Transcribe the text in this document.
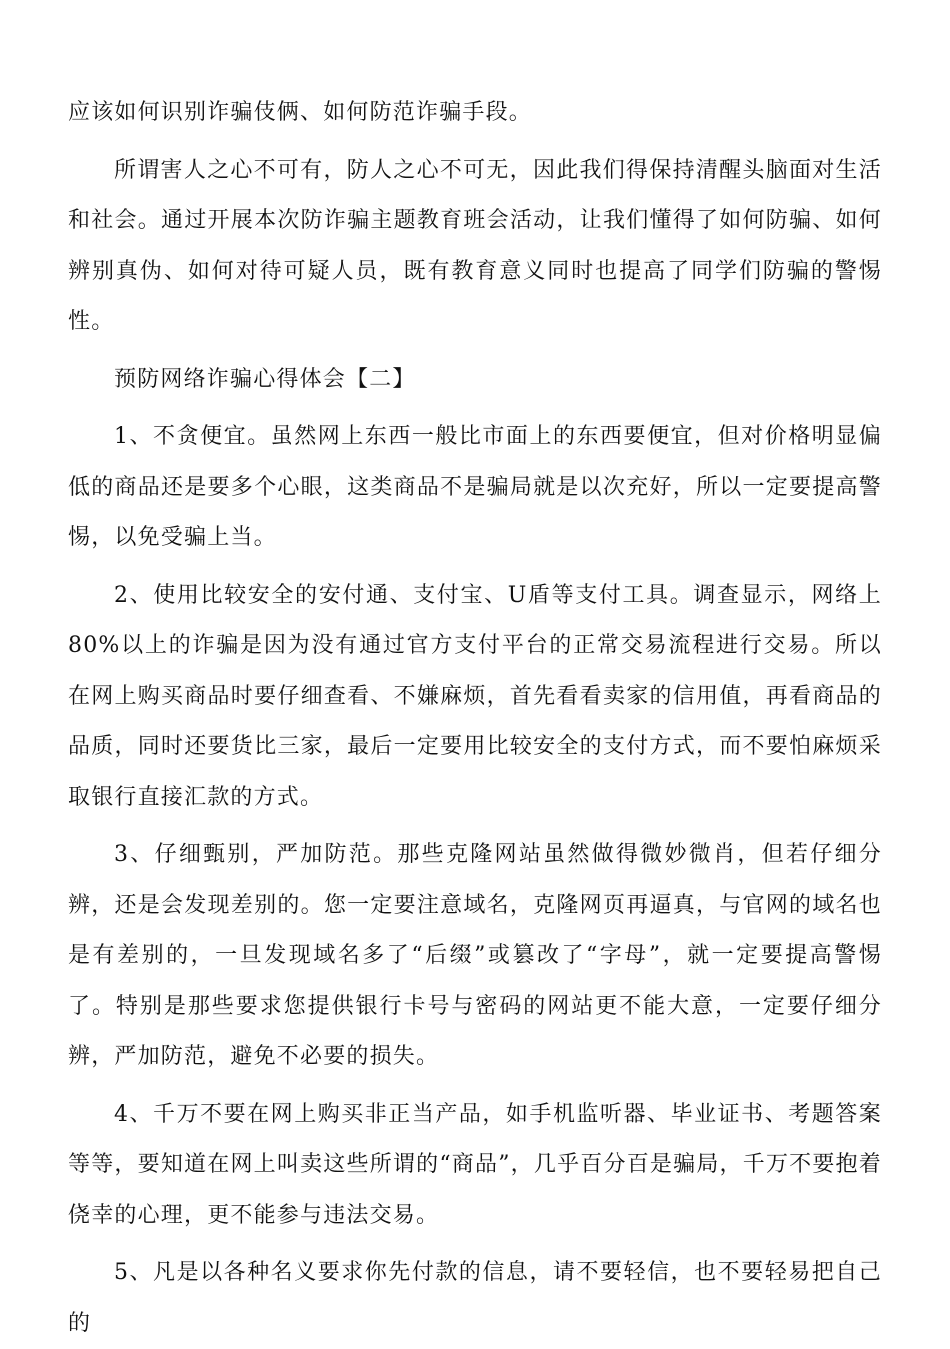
应该如何识别诈骗伎俩、如何防范诈骗手段。

所谓害人之心不可有，防人之心不可无，因此我们得保持清醒头脑面对生活和社会。通过开展本次防诈骗主题教育班会活动，让我们懂得了如何防骗、如何辨别真伪、如何对待可疑人员，既有教育意义同时也提高了同学们防骗的警惕性。

预防网络诈骗心得体会【二】

1、不贪便宜。虽然网上东西一般比市面上的东西要便宜，但对价格明显偏低的商品还是要多个心眼，这类商品不是骗局就是以次充好，所以一定要提高警惕，以免受骗上当。

2、使用比较安全的安付通、支付宝、U盾等支付工具。调查显示，网络上80%以上的诈骗是因为没有通过官方支付平台的正常交易流程进行交易。所以在网上购买商品时要仔细查看、不嫌麻烦，首先看看卖家的信用值，再看商品的品质，同时还要货比三家，最后一定要用比较安全的支付方式，而不要怕麻烦采取银行直接汇款的方式。

3、仔细甄别，严加防范。那些克隆网站虽然做得微妙微肖，但若仔细分辨，还是会发现差别的。您一定要注意域名，克隆网页再逼真，与官网的域名也是有差别的，一旦发现域名多了“后缀”或篡改了“字母”，就一定要提高警惕了。特别是那些要求您提供银行卡号与密码的网站更不能大意，一定要仔细分辨，严加防范，避免不必要的损失。

4、千万不要在网上购买非正当产品，如手机监听器、毕业证书、考题答案等等，要知道在网上叫卖这些所谓的“商品”，几乎百分百是骗局，千万不要抱着侥幸的心理，更不能参与违法交易。

5、凡是以各种名义要求你先付款的信息，请不要轻信，也不要轻易把自己的
